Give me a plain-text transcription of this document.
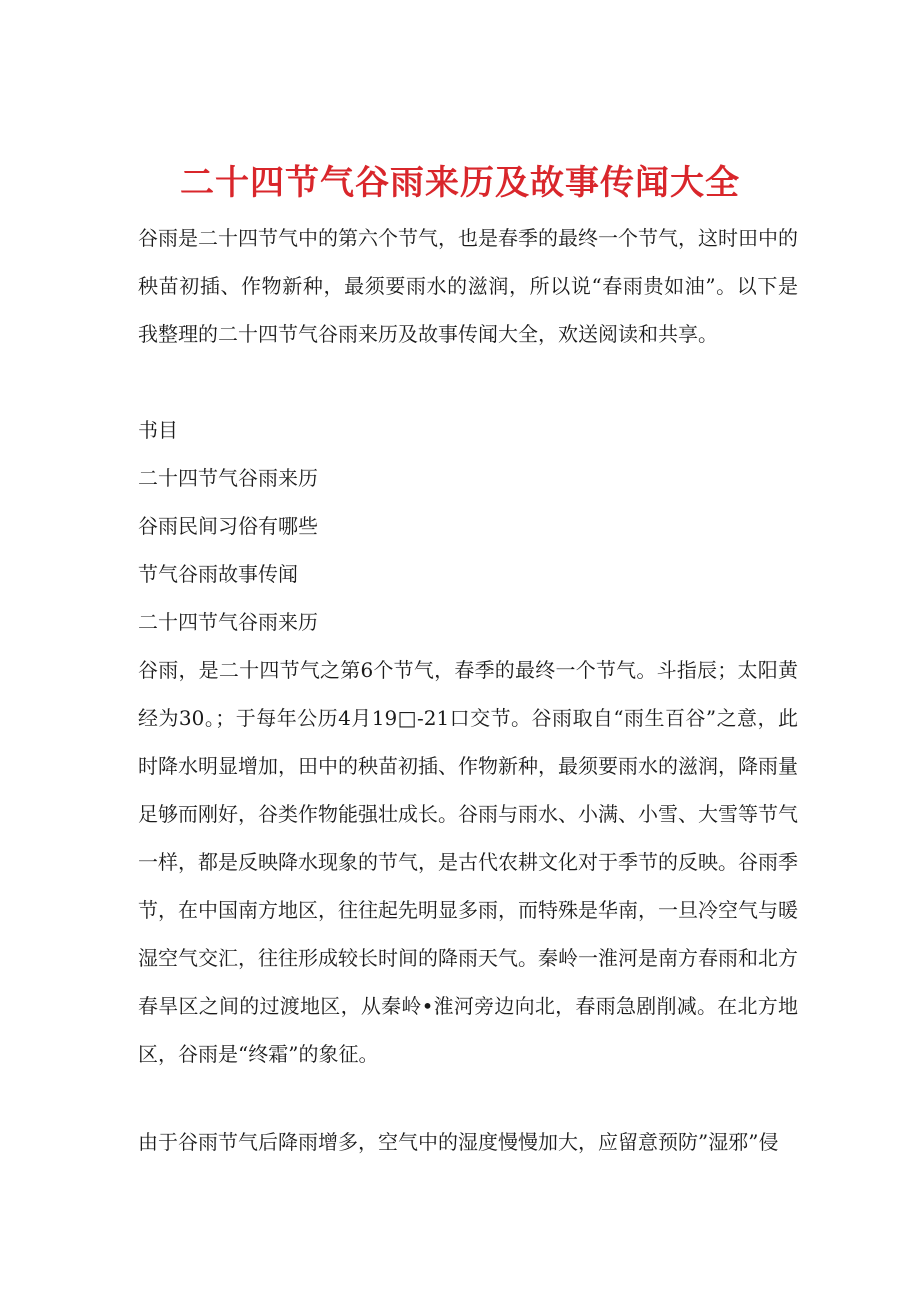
二十四节气谷雨来历及故事传闻大全

谷雨是二十四节气中的第六个节气，也是春季的最终一个节气，这时田中的秧苗初插、作物新种，最须要雨水的滋润，所以说“春雨贵如油”。以下是我整理的二十四节气谷雨来历及故事传闻大全，欢送阅读和共享。

书目

二十四节气谷雨来历
谷雨民间习俗有哪些
节气谷雨故事传闻
二十四节气谷雨来历

谷雨，是二十四节气之第6个节气，春季的最终一个节气。斗指辰；太阳黄经为30。；于每年公历4月19□-21口交节。谷雨取自“雨生百谷”之意，此时降水明显增加，田中的秧苗初插、作物新种，最须要雨水的滋润，降雨量足够而刚好，谷类作物能强壮成长。谷雨与雨水、小满、小雪、大雪等节气一样，都是反映降水现象的节气，是古代农耕文化对于季节的反映。谷雨季节，在中国南方地区，往往起先明显多雨，而特殊是华南，一旦冷空气与暖湿空气交汇，往往形成较长时间的降雨天气。秦岭一淮河是南方春雨和北方春旱区之间的过渡地区，从秦岭•淮河旁边向北，春雨急剧削减。在北方地区，谷雨是“终霜”的象征。

由于谷雨节气后降雨增多，空气中的湿度慢慢加大，应留意预防”湿邪”侵
